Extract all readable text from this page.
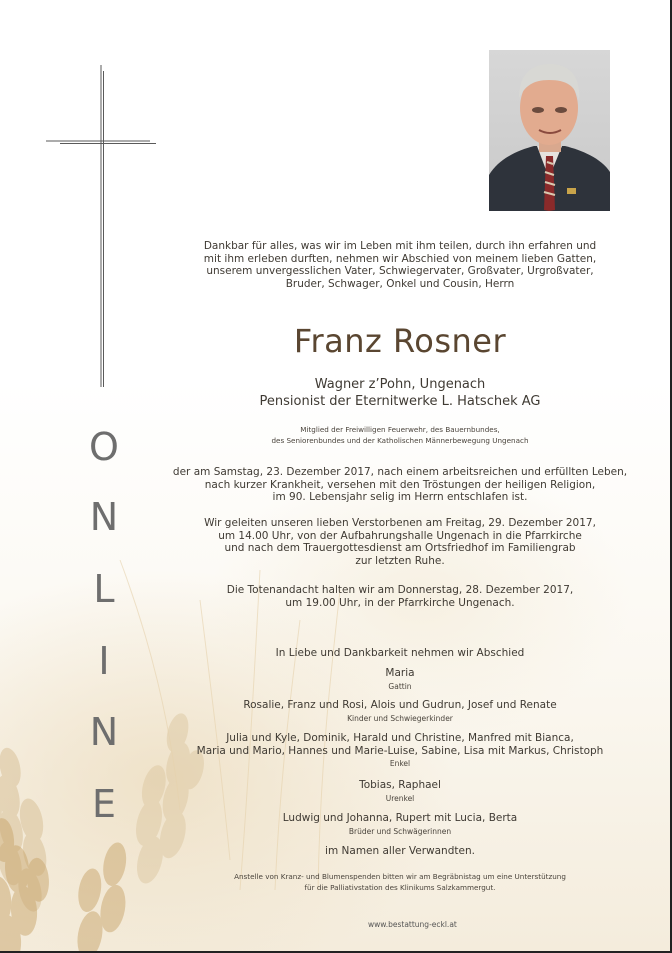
O
N
L
I
N
E
Dankbar für alles, was wir im Leben mit ihm teilen, durch ihn erfahren und
mit ihm erleben durften, nehmen wir Abschied von meinem lieben Gatten,
unserem unvergesslichen Vater, Schwiegervater, Großvater, Urgroßvater,
Bruder, Schwager, Onkel und Cousin, Herrn
Franz Rosner
Wagner z’Pohn, Ungenach
Pensionist der Eternitwerke L. Hatschek AG
Mitglied der Freiwilligen Feuerwehr, des Bauernbundes,
des Seniorenbundes und der Katholischen Männerbewegung Ungenach
der am Samstag, 23. Dezember 2017, nach einem arbeitsreichen und erfüllten Leben,
nach kurzer Krankheit, versehen mit den Tröstungen der heiligen Religion,
im 90. Lebensjahr selig im Herrn entschlafen ist.
Wir geleiten unseren lieben Verstorbenen am Freitag, 29. Dezember 2017,
um 14.00 Uhr, von der Aufbahrungshalle Ungenach in die Pfarrkirche
und nach dem Trauergottesdienst am Ortsfriedhof im Familiengrab
zur letzten Ruhe.
Die Totenandacht halten wir am Donnerstag, 28. Dezember 2017,
um 19.00 Uhr, in der Pfarrkirche Ungenach.
In Liebe und Dankbarkeit nehmen wir Abschied
Maria
Gattin
Rosalie, Franz und Rosi, Alois und Gudrun, Josef und Renate
Kinder und Schwiegerkinder
Julia und Kyle, Dominik, Harald und Christine, Manfred mit Bianca,
Maria und Mario, Hannes und Marie-Luise, Sabine, Lisa mit Markus, Christoph
Enkel
Tobias, Raphael
Urenkel
Ludwig und Johanna, Rupert mit Lucia, Berta
Brüder und Schwägerinnen
im Namen aller Verwandten.
Anstelle von Kranz- und Blumenspenden bitten wir am Begräbnistag um eine Unterstützung
für die Palliativstation des Klinikums Salzkammergut.
www.bestattung-eckl.at
